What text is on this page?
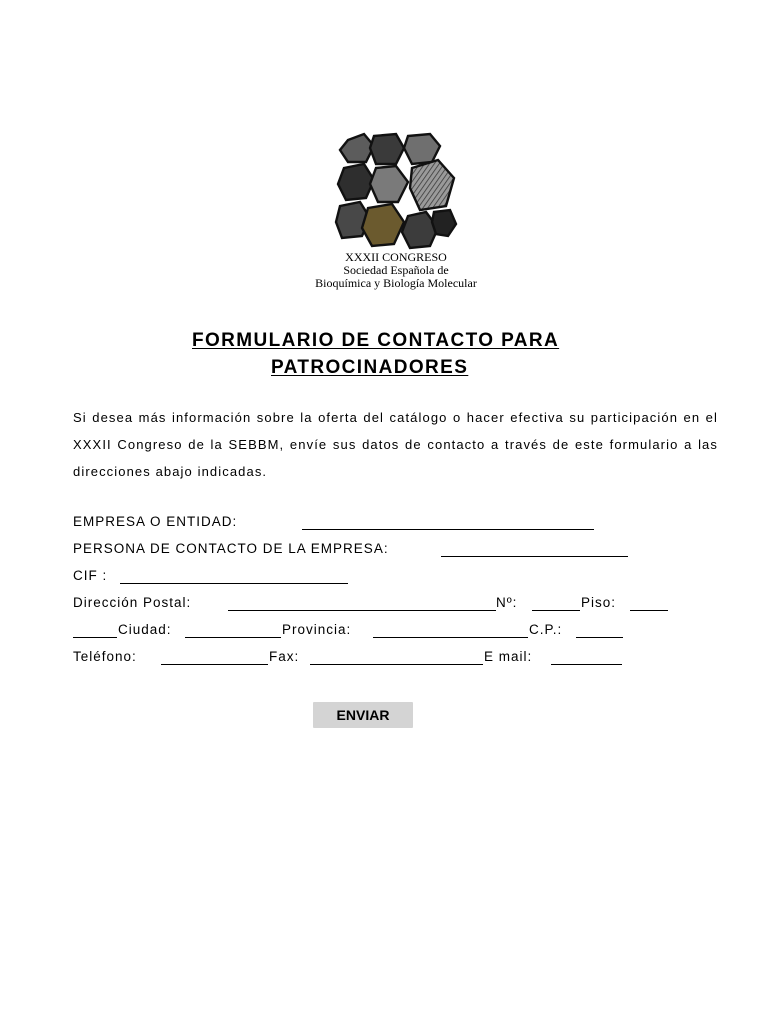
XXXII CONGRESO
Sociedad Española de
Bioquímica y Biología Molecular
FORMULARIO DE CONTACTO PARA
PATROCINADORES
Si desea más información sobre la oferta del catálogo o hacer efectiva su participación en el XXXII Congreso de la SEBBM, envíe sus datos de contacto a través de este formulario a las direcciones abajo indicadas.
EMPRESA O ENTIDAD:
PERSONA DE CONTACTO DE LA EMPRESA:
CIF :
Dirección Postal:	Nº:	Piso:
Ciudad:	Provincia:	C.P.:
Teléfono:	Fax:	E mail:
ENVIAR
